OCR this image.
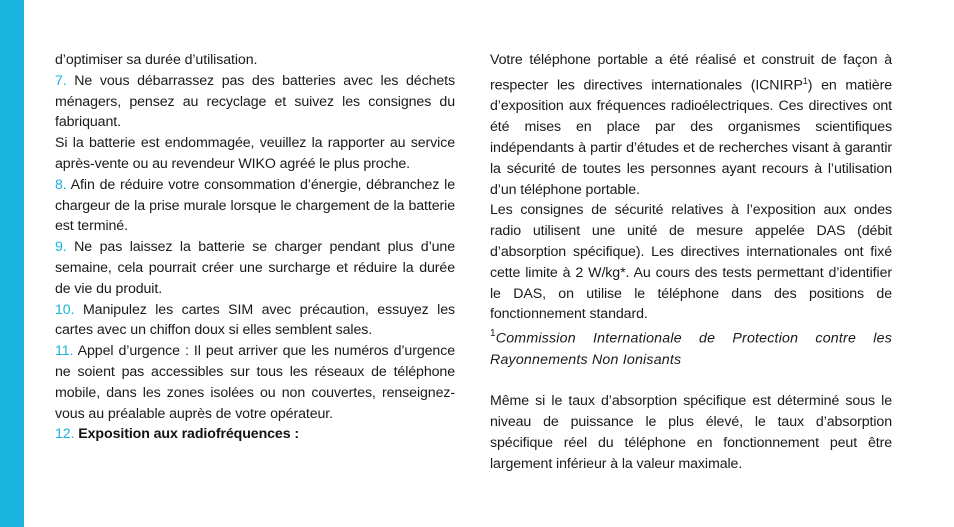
d’optimiser sa durée d’utilisation.

7. Ne vous débarrassez pas des batteries avec les déchets ménagers, pensez au recyclage et suivez les consignes du fabriquant.

Si la batterie est endommagée, veuillez la rapporter au service après-vente ou au revendeur WIKO agréé le plus proche.

8. Afin de réduire votre consommation d’énergie, débranchez le chargeur de la prise murale lorsque le chargement de la batterie est terminé.

9. Ne pas laissez la batterie se charger pendant plus d’une semaine, cela pourrait créer une surcharge et réduire la durée de vie du produit.

10. Manipulez les cartes SIM avec précaution, essuyez les cartes avec un chiffon doux si elles semblent sales.

11. Appel d’urgence : Il peut arriver que les numéros d’urgence ne soient pas accessibles sur tous les réseaux de téléphone mobile, dans les zones isolées ou non couvertes, renseignez-vous au préalable auprès de votre opérateur.

12. Exposition aux radiofréquences :

Votre téléphone portable a été réalisé et construit de façon à respecter les directives internationales (ICNIRP$^1$) en matière d’exposition aux fréquences radioélectriques. Ces directives ont été mises en place par des organismes scientifiques indépendants à partir d’études et de recherches visant à garantir la sécurité de toutes les personnes ayant recours à l’utilisation d’un téléphone portable.

Les consignes de sécurité relatives à l’exposition aux ondes radio utilisent une unité de mesure appelée DAS (débit d’absorption spécifique). Les directives internationales ont fixé cette limite à 2 W/kg*. Au cours des tests permettant d’identifier le DAS, on utilise le téléphone dans des positions de fonctionnement standard.

$^1$Commission Internationale de Protection contre les Rayonnements Non Ionisants

Même si le taux d’absorption spécifique est déterminé sous le niveau de puissance le plus élevé, le taux d’absorption spécifique réel du téléphone en fonctionnement peut être largement inférieur à la valeur maximale.
